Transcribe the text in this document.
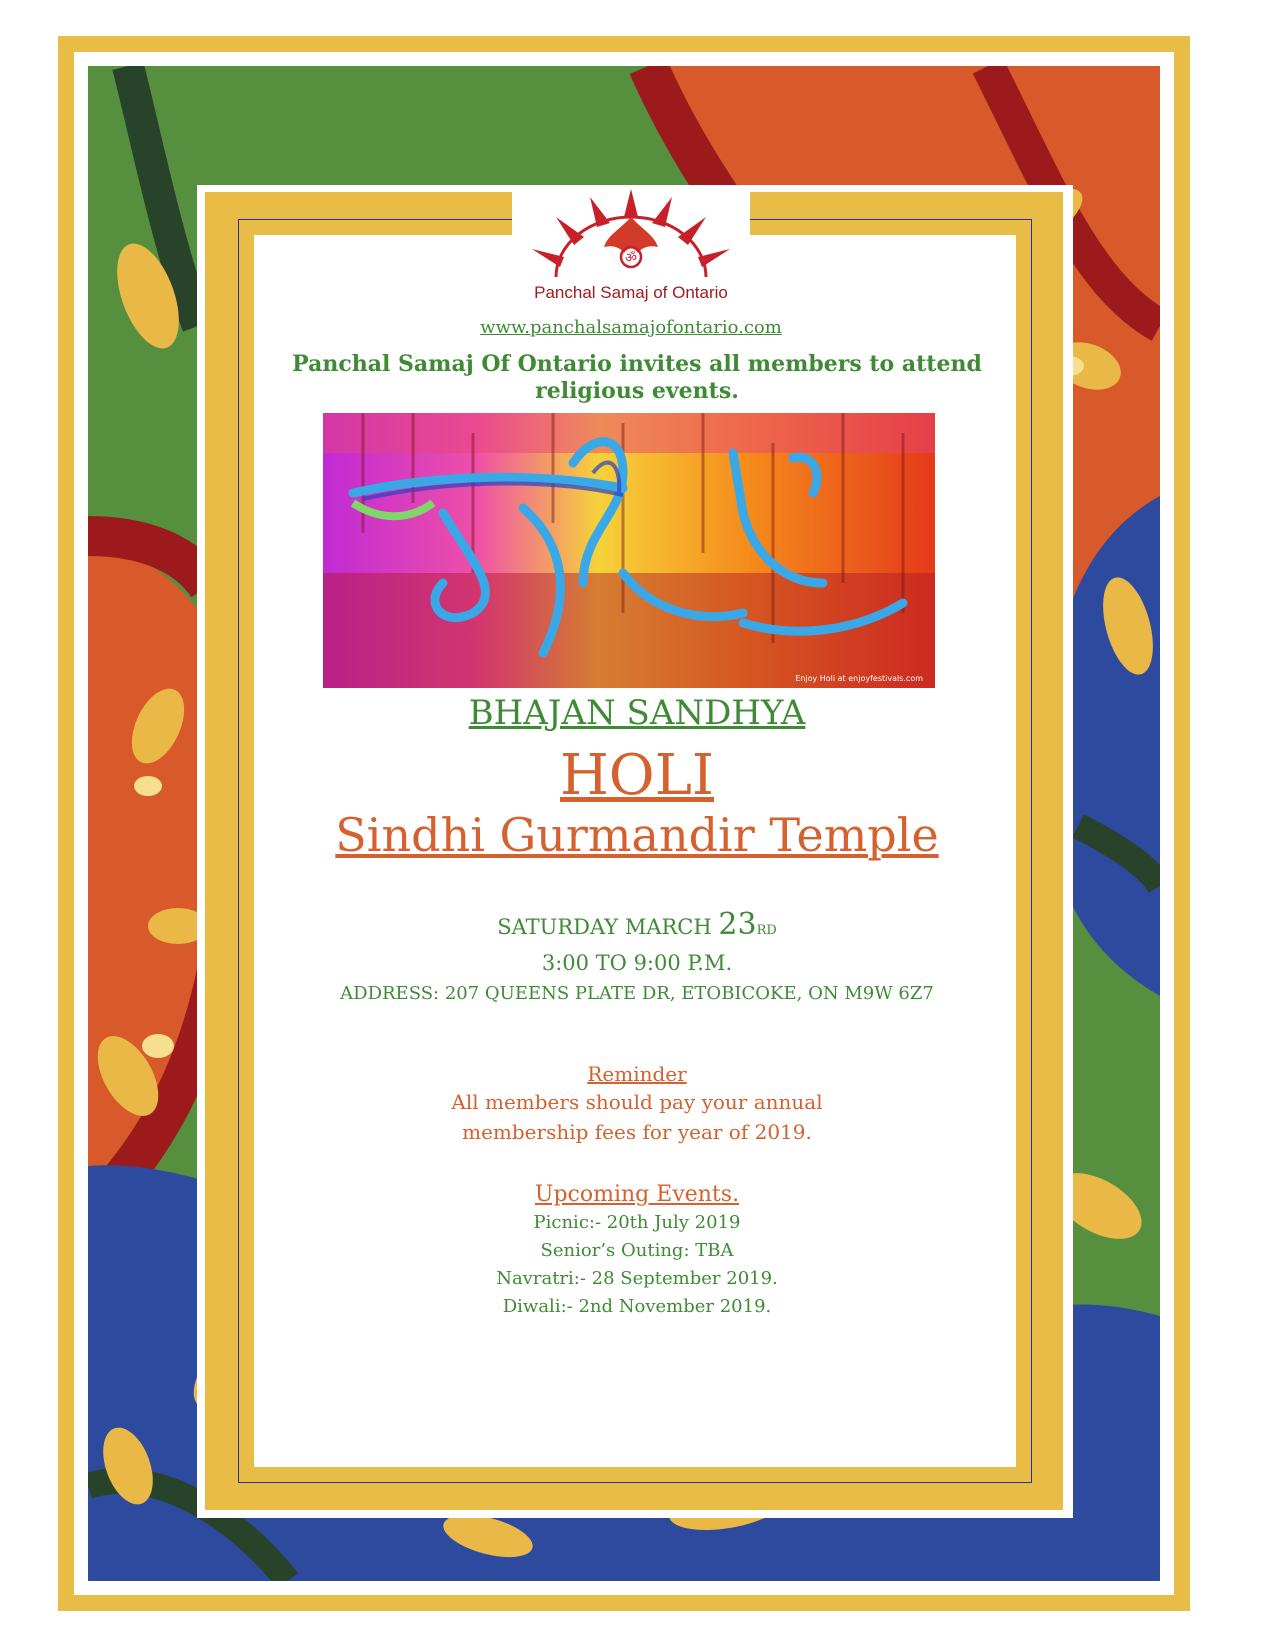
ॐ
Panchal Samaj of Ontario
www.panchalsamajofontario.com
Panchal Samaj Of Ontario invites all members to attend religious events.
Enjoy Holi at enjoyfestivals.com
BHAJAN SANDHYA
HOLI
Sindhi Gurmandir Temple
SATURDAY MARCH 23RD
3:00 TO 9:00 P.M.
ADDRESS: 207 QUEENS PLATE DR, ETOBICOKE, ON M9W 6Z7
Reminder
All members should pay your annual
membership fees for year of 2019.
Upcoming Events.
Picnic:- 20th July 2019
Senior’s Outing: TBA
Navratri:- 28 September 2019.
Diwali:- 2nd November 2019.
